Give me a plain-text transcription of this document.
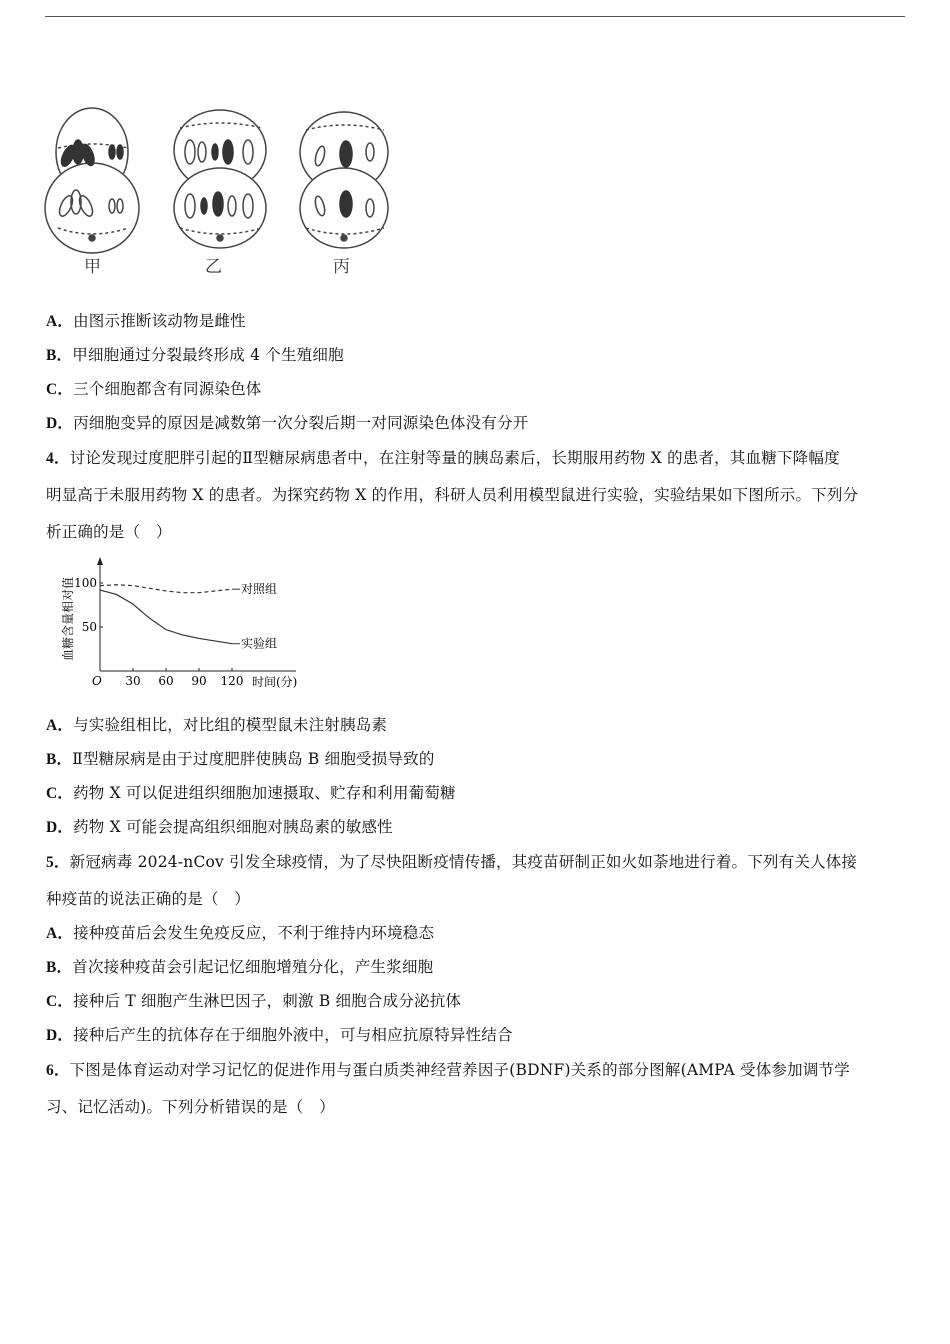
甲	乙	丙
A．由图示推断该动物是雌性
B．甲细胞通过分裂最终形成 4 个生殖细胞
C．三个细胞都含有同源染色体
D．丙细胞变异的原因是减数第一次分裂后期一对同源染色体没有分开
4．讨论发现过度肥胖引起的Ⅱ型糖尿病患者中，在注射等量的胰岛素后，长期服用药物 X 的患者，其血糖下降幅度
明显高于未服用药物 X 的患者。为探究药物 X 的作用，科研人员利用模型鼠进行实验，实验结果如下图所示。下列分
析正确的是（　）
血糖含量相对值
O	时间(分)
30 60 90 120
100
50
对照组
实验组
A．与实验组相比，对比组的模型鼠未注射胰岛素
B．Ⅱ型糖尿病是由于过度肥胖使胰岛 B 细胞受损导致的
C．药物 X 可以促进组织细胞加速摄取、贮存和利用葡萄糖
D．药物 X 可能会提高组织细胞对胰岛素的敏感性
5．新冠病毒 2024-nCov 引发全球疫情，为了尽快阻断疫情传播，其疫苗研制正如火如荼地进行着。下列有关人体接
种疫苗的说法正确的是（　）
A．接种疫苗后会发生免疫反应，不利于维持内环境稳态
B．首次接种疫苗会引起记忆细胞增殖分化，产生浆细胞
C．接种后 T 细胞产生淋巴因子，刺激 B 细胞合成分泌抗体
D．接种后产生的抗体存在于细胞外液中，可与相应抗原特异性结合
6．下图是体育运动对学习记忆的促进作用与蛋白质类神经营养因子(BDNF)关系的部分图解(AMPA 受体参加调节学
习、记忆活动)。下列分析错误的是（　）
